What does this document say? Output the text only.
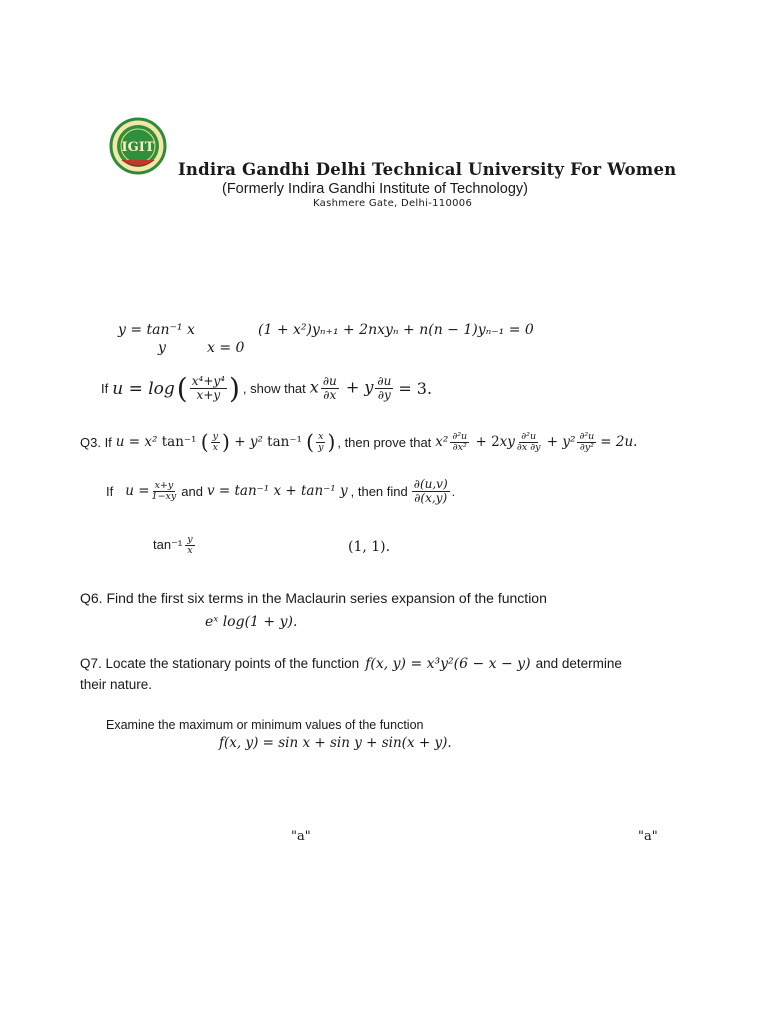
IGIT
Indira Gandhi Delhi Technical University For Women
(Formerly Indira Gandhi Institute of Technology)
Kashmere Gate, Delhi-110006
y = tan⁻¹ x	(1 + x²)yₙ₊₁ + 2nxyₙ + n(n − 1)yₙ₋₁ = 0
y	x = 0
If u = log ( $\frac{\text{x⁴+y⁴}}{x+y}$ ) , show that x $\frac{\partial u}{\partial x} + y \frac{\partial u}{\partial y} = 3$.
Q3. If u = x² tan⁻¹ ( $\frac{y}{x}$ ) + y² tan⁻¹ ( $\frac{x}{y}$ ) , then prove that $x^2 \frac{\text{∂²u}}{\text{∂x²}} + 2xy \frac{\text{∂²u}}{\partial x \partial y} + y^2 \frac{\text{∂²u}}{\text{∂y²}} = 2u$.
If $u = \frac{x+y}{1-xy}$ and v = tan⁻¹ x + tan⁻¹ y , then find $\frac{\partial(u,v)}{\partial(x,y)}$ .
$\tan^{-1} \frac{y}{x}$	(1, 1).
Q6. Find the first six terms in the Maclaurin series expansion of the function
eˣ log(1 + y).
Q7. Locate the stationary points of the function f(x, y) = x³y²(6 − x − y) and determine
their nature.
Examine the maximum or minimum values of the function
f(x, y) = sin x + sin y + sin(x + y).
"a"	"a"
